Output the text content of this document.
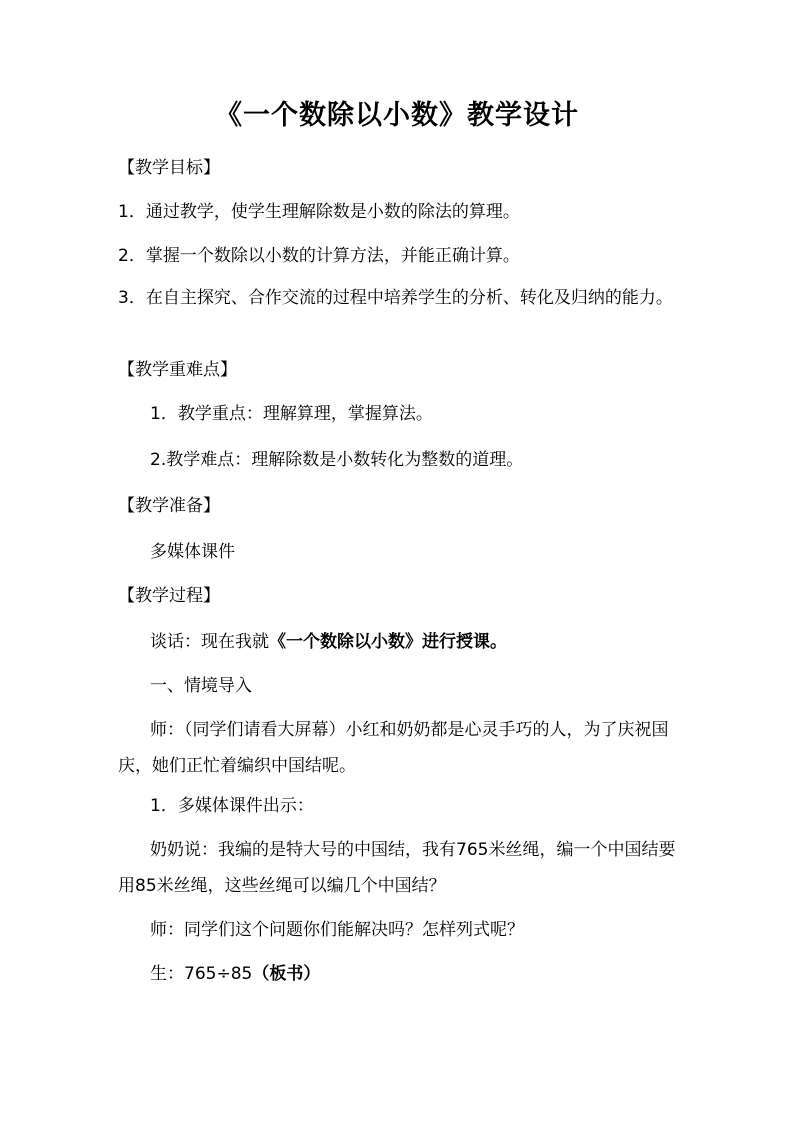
《一个数除以小数》教学设计
【教学目标】
1．通过教学，使学生理解除数是小数的除法的算理。
2．掌握一个数除以小数的计算方法，并能正确计算。
3．在自主探究、合作交流的过程中培养学生的分析、转化及归纳的能力。
【教学重难点】
1．教学重点：理解算理，掌握算法。
2.教学难点：理解除数是小数转化为整数的道理。
【教学准备】
多媒体课件
【教学过程】
谈话：现在我就《一个数除以小数》进行授课。
一、情境导入
师：（同学们请看大屏幕）小红和奶奶都是心灵手巧的人，为了庆祝国庆，她们正忙着编织中国结呢。
1．多媒体课件出示：
奶奶说：我编的是特大号的中国结，我有765米丝绳，编一个中国结要用85米丝绳，这些丝绳可以编几个中国结？
师：同学们这个问题你们能解决吗？怎样列式呢？
生：765÷85（板书）
